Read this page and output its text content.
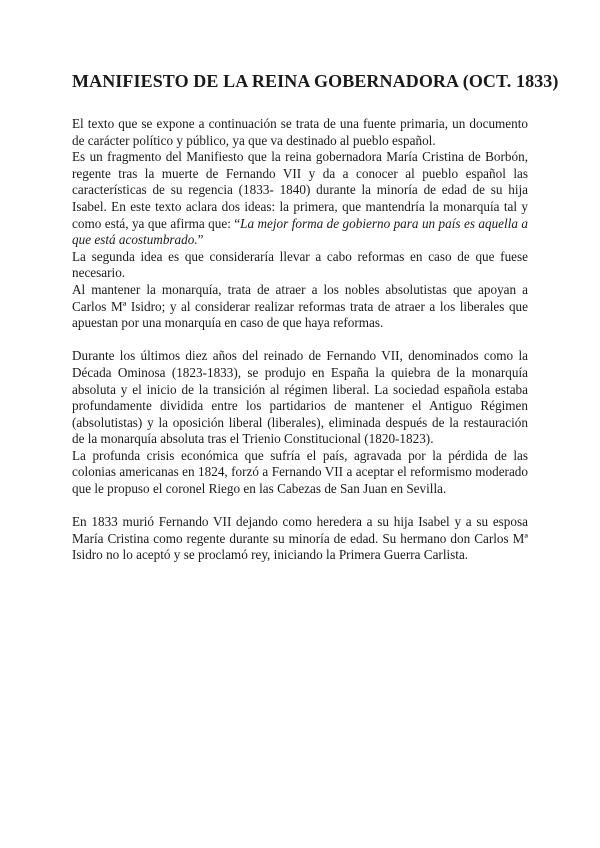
MANIFIESTO DE LA REINA GOBERNADORA (OCT. 1833)

El texto que se expone a continuación se trata de una fuente primaria, un documento de carácter político y público, ya que va destinado al pueblo español.

Es un fragmento del Manifiesto que la reina gobernadora María Cristina de Borbón, regente tras la muerte de Fernando VII y da a conocer al pueblo español las características de su regencia (1833- 1840) durante la minoría de edad de su hija Isabel. En este texto aclara dos ideas: la primera, que mantendría la monarquía tal y como está, ya que afirma que: “La mejor forma de gobierno para un país es aquella a que está acostumbrado.”

La segunda idea es que consideraría llevar a cabo reformas en caso de que fuese necesario.

Al mantener la monarquía, trata de atraer a los nobles absolutistas que apoyan a Carlos Mª Isidro; y al considerar realizar reformas trata de atraer a los liberales que apuestan por una monarquía en caso de que haya reformas.

Durante los últimos diez años del reinado de Fernando VII, denominados como la Década Ominosa (1823-1833), se produjo en España la quiebra de la monarquía absoluta y el inicio de la transición al régimen liberal. La sociedad española estaba profundamente dividida entre los partidarios de mantener el Antiguo Régimen (absolutistas) y la oposición liberal (liberales), eliminada después de la restauración de la monarquía absoluta tras el Trienio Constitucional (1820-1823).

La profunda crisis económica que sufría el país, agravada por la pérdida de las colonias americanas en 1824, forzó a Fernando VII a aceptar el reformismo moderado que le propuso el coronel Riego en las Cabezas de San Juan en Sevilla.

En 1833 murió Fernando VII dejando como heredera a su hija Isabel y a su esposa María Cristina como regente durante su minoría de edad. Su hermano don Carlos Mª Isidro no lo aceptó y se proclamó rey, iniciando la Primera Guerra Carlista.
